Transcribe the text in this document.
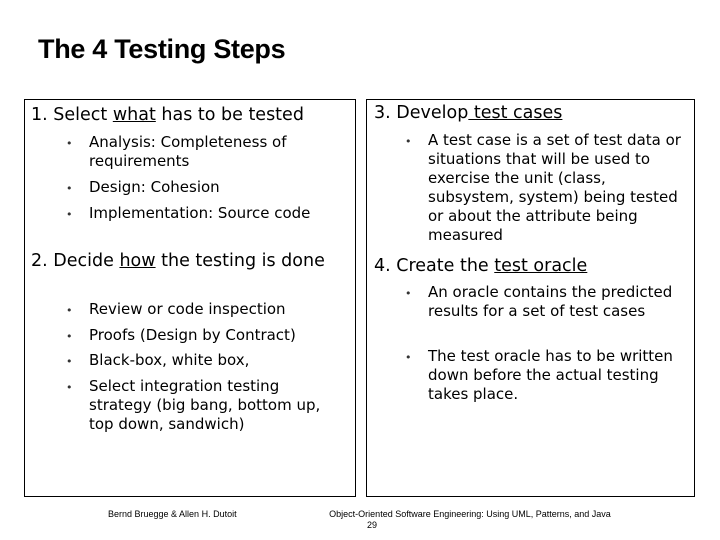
The 4 Testing Steps
1. Select what has to be tested
•	Analysis: Completeness of requirements
•	Design: Cohesion
•	Implementation: Source code
2. Decide how the testing is done
•	Review or code inspection
•	Proofs (Design by Contract)
•	Black-box, white box,
•	Select integration testing strategy (big bang, bottom up, top down, sandwich)
3. Develop test cases
•	A test case is a set of test data or situations that will be used to exercise the unit (class, subsystem, system) being tested or about the attribute being measured
4. Create the test oracle
•	An oracle contains the predicted results for a set of test cases
•	The test oracle has to be written down before the actual testing takes place.
Bernd Bruegge & Allen H. Dutoit	Object-Oriented Software Engineering: Using UML, Patterns, and Java
29
